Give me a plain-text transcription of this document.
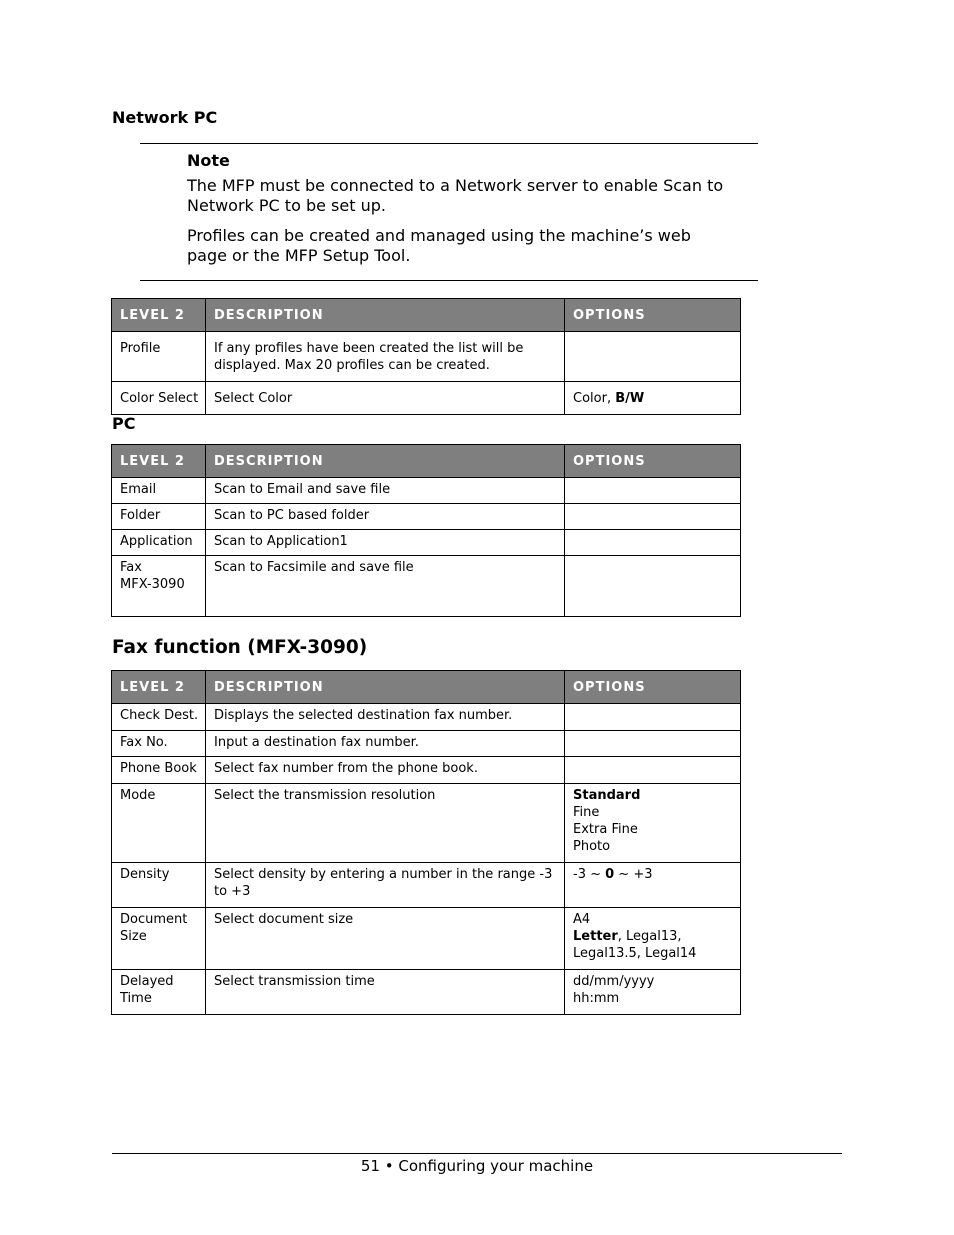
Network PC
Note
The MFP must be connected to a Network server to enable Scan to Network PC to be set up.
Profiles can be created and managed using the machine’s web page or the MFP Setup Tool.
LEVEL 2	DESCRIPTION	OPTIONS
Profile	If any profiles have been created the list will be displayed. Max 20 profiles can be created.	
Color Select	Select Color	Color, B/W
PC
LEVEL 2	DESCRIPTION	OPTIONS
Email	Scan to Email and save file	
Folder	Scan to PC based folder	
Application	Scan to Application1	

Fax
MFX-3090	Scan to Facsimile and save file	
Fax function (MFX-3090)
LEVEL 2	DESCRIPTION	OPTIONS
Check Dest.	Displays the selected destination fax number.	
Fax No.	Input a destination fax number.	
Phone Book	Select fax number from the phone book.	
Mode	Select the transmission resolution	Standard
Fine
Extra Fine
Photo

Density	Select density by entering a number in the range -3 to +3	-3 ~ 0 ~ +3
Document Size	Select document size	A4
Letter, Legal13, Legal13.5, Legal14
Delayed Time	Select transmission time	dd/mm/yyyy
hh:mm
51 • Configuring your machine
